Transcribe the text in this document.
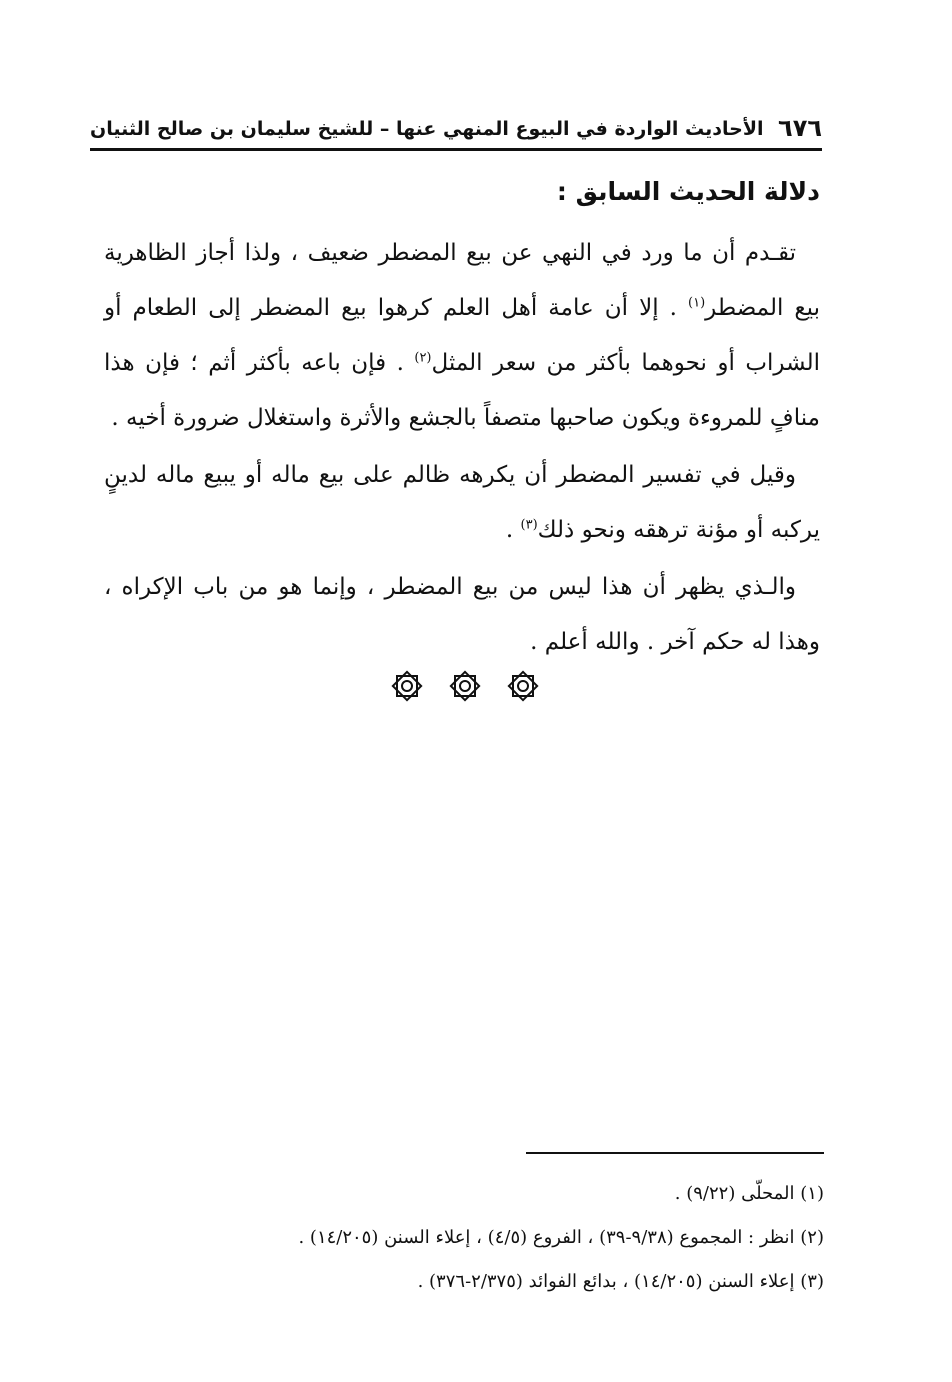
٦٧٦
الأحاديث الواردة في البيوع المنهي عنها – للشيخ سليمان بن صالح الثنيان
دلالة الحديث السابق :

تقـدم أن ما ورد في النهي عن بيع المضطر ضعيف ، ولذا أجاز الظاهرية بيع المضطر$^{(١)}$ . إلا أن عامة أهل العلم كرهوا بيع المضطر إلى الطعام أو الشراب أو نحوهما بأكثر من سعر المثل$^{(٢)}$ . فإن باعه بأكثر أثم ؛ فإن هذا منافٍ للمروءة ويكون صاحبها متصفاً بالجشع والأثرة واستغلال ضرورة أخيه .

وقيل في تفسير المضطر أن يكرهه ظالم على بيع ماله أو يبيع ماله لدينٍ يركبه أو مؤنة ترهقه ونحو ذلك$^{(٣)}$ .

والـذي يظهر أن هذا ليس من بيع المضطر ، وإنما هو من باب الإكراه ، وهذا له حكم آخر . والله أعلم .

(١) المحلّى (٩/٢٢) .

(٢) انظر : المجموع (٩/٣٨-٣٩) ، الفروع (٤/٥) ، إعلاء السنن (١٤/٢٠٥) .

(٣) إعلاء السنن (١٤/٢٠٥) ، بدائع الفوائد (٢/٣٧٥-٣٧٦) .
